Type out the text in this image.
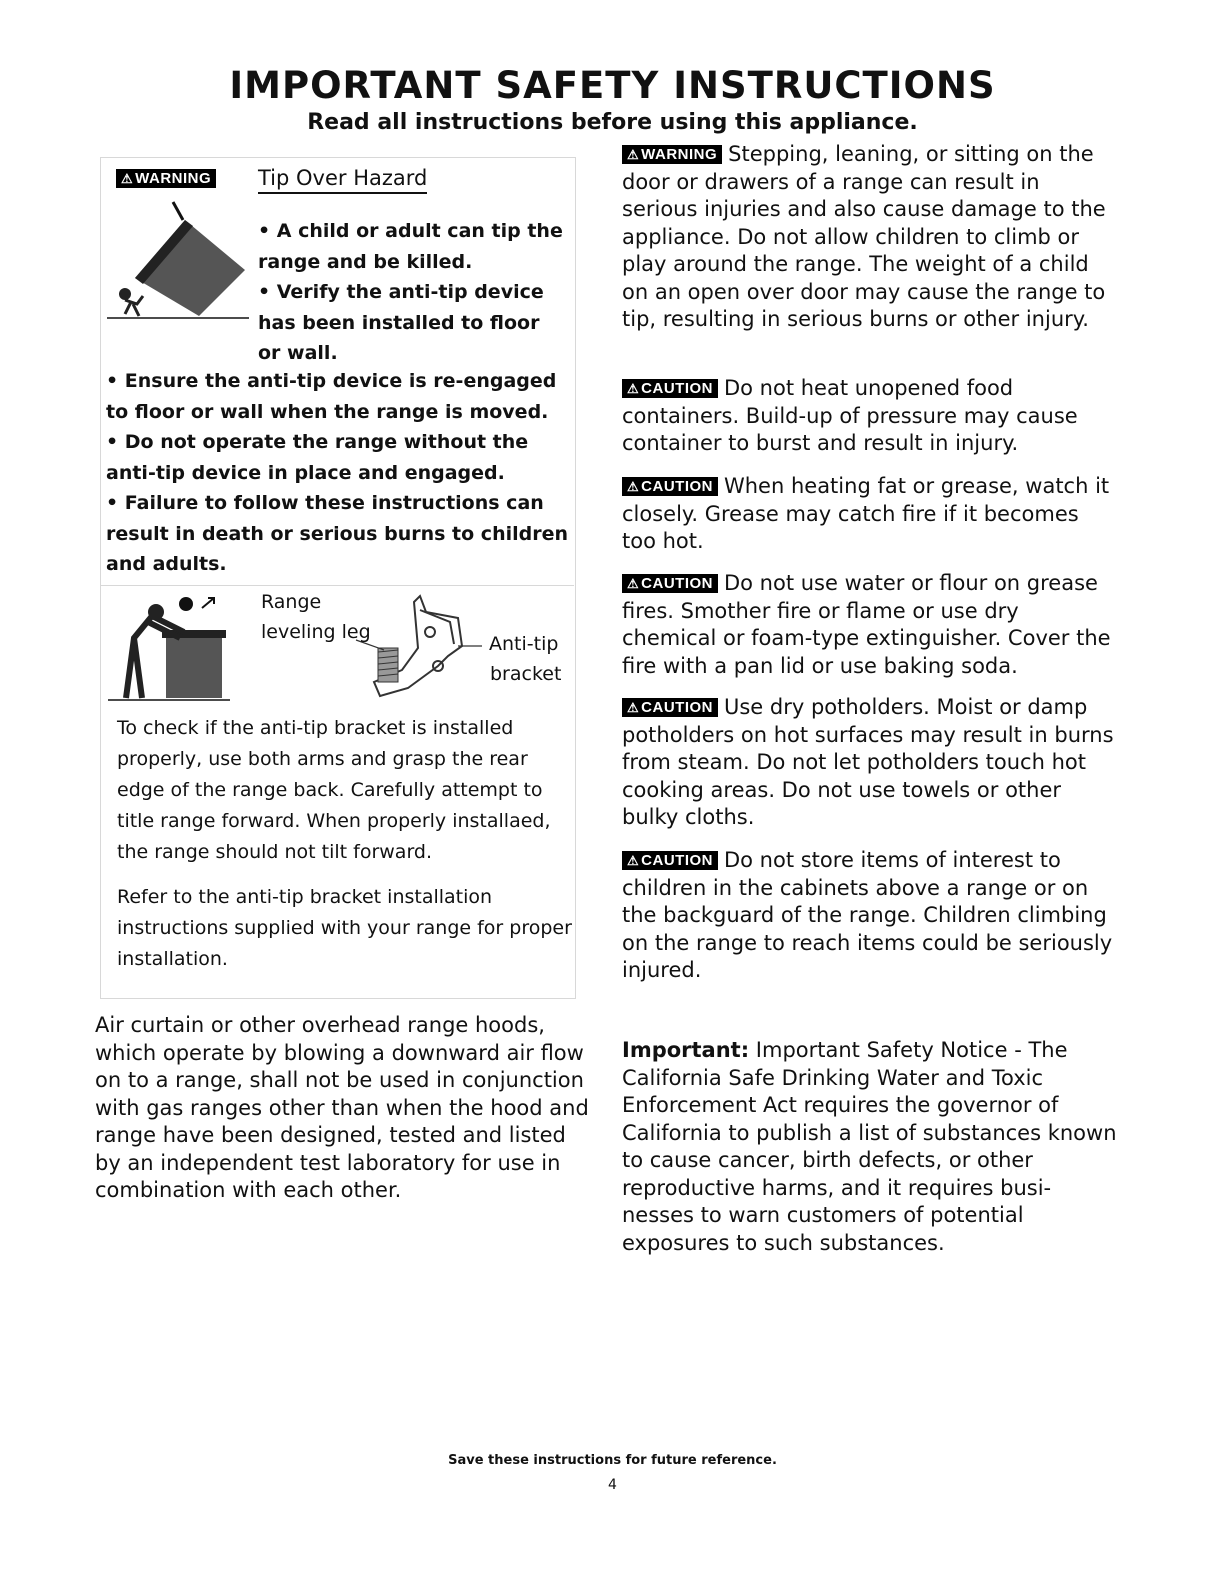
IMPORTANT SAFETY INSTRUCTIONS
Read all instructions before using this appliance.
⚠ WARNING	Tip Over Hazard

• A child or adult can tip the range and be killed.

• Verify the anti-tip device has been installed to floor or wall.

• Ensure the anti-tip device is re-engaged to floor or wall when the range is moved.

• Do not operate the range without the anti-tip device in place and engaged.

• Failure to follow these instructions can result in death or serious burns to children and adults.

Range

leveling leg

Anti-tip

bracket

To check if the anti-tip bracket is installed properly, use both arms and grasp the rear edge of the range back. Carefully attempt to title range forward. When properly installaed, the range should not tilt forward.

Refer to the anti-tip bracket installation instructions supplied with your range for proper installation.

⚠ WARNING Stepping, leaning, or sitting on the door or drawers of a range can result in serious injuries and also cause damage to the appliance. Do not allow children to climb or play around the range. The weight of a child on an open over door may cause the range to tip, resulting in serious burns or other injury.

⚠ CAUTION Do not heat unopened food containers. Build-up of pressure may cause container to burst and result in injury.

⚠ CAUTION When heating fat or grease, watch it closely. Grease may catch fire if it becomes too hot.

⚠ CAUTION Do not use water or flour on grease fires. Smother fire or flame or use dry chemical or foam-type extinguisher. Cover the fire with a pan lid or use baking soda.

⚠ CAUTION Use dry potholders. Moist or damp potholders on hot surfaces may result in burns from steam. Do not let potholders touch hot cooking areas. Do not use towels or other bulky cloths.

⚠ CAUTION Do not store items of interest to children in the cabinets above a range or on the backguard of the range. Children climbing on the range to reach items could be seriously injured.

Air curtain or other overhead range hoods, which operate by blowing a downward air flow on to a range, shall not be used in conjunction with gas ranges other than when the hood and range have been designed, tested and listed by an independent test laboratory for use in combination with each other.

Important: Important Safety Notice - The California Safe Drinking Water and Toxic Enforcement Act requires the governor of California to publish a list of substances known to cause cancer, birth defects, or other reproductive harms, and it requires busi-nesses to warn customers of potential exposures to such substances.

Save these instructions for future reference.

4
